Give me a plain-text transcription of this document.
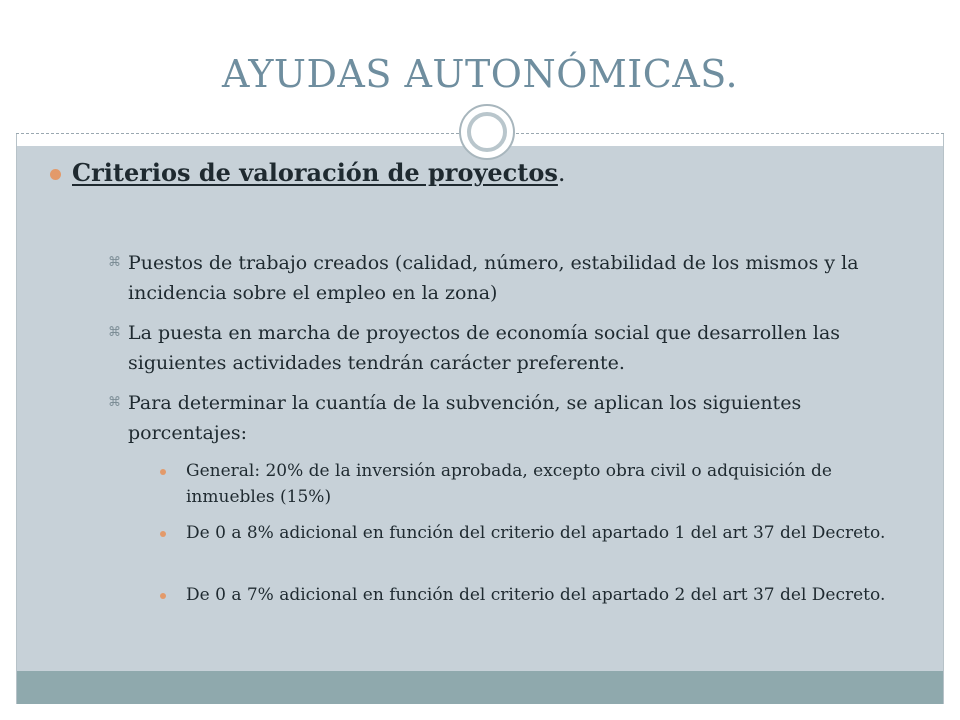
AYUDAS AUTONÓMICAS.
Criterios de valoración de proyectos.
⌘ Puestos de trabajo creados (calidad, número, estabilidad de los mismos y la incidencia sobre el empleo en la zona)
⌘ La puesta en marcha de proyectos de economía social que desarrollen las siguientes actividades tendrán carácter preferente.
⌘ Para determinar la cuantía de la subvención, se aplican los siguientes porcentajes:
General: 20% de la inversión aprobada, excepto obra civil o adquisición de inmuebles (15%)
De 0 a 8% adicional en función del criterio del apartado 1 del art 37 del Decreto.
De 0 a 7% adicional en función del criterio del apartado 2 del art 37 del Decreto.
